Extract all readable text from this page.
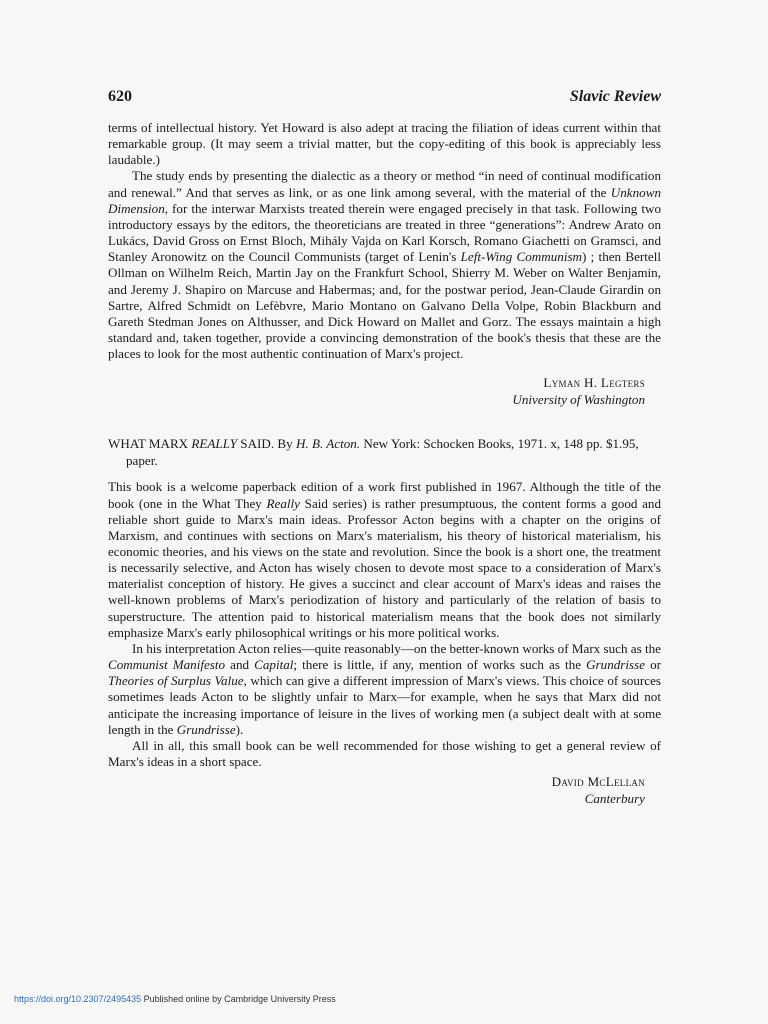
620	Slavic Review

terms of intellectual history. Yet Howard is also adept at tracing the filiation of ideas current within that remarkable group. (It may seem a trivial matter, but the copy-editing of this book is appreciably less laudable.)

The study ends by presenting the dialectic as a theory or method “in need of continual modification and renewal.” And that serves as link, or as one link among several, with the material of the Unknown Dimension, for the interwar Marxists treated therein were engaged precisely in that task. Following two introductory essays by the editors, the theoreticians are treated in three “generations”: Andrew Arato on Lukács, David Gross on Ernst Bloch, Mihály Vajda on Karl Korsch, Romano Giachetti on Gramsci, and Stanley Aronowitz on the Council Communists (target of Lenin's Left-Wing Communism) ; then Bertell Ollman on Wilhelm Reich, Martin Jay on the Frankfurt School, Shierry M. Weber on Walter Benjamin, and Jeremy J. Shapiro on Marcuse and Habermas; and, for the postwar period, Jean-Claude Girardin on Sartre, Alfred Schmidt on Lefèbvre, Mario Montano on Galvano Della Volpe, Robin Blackburn and Gareth Stedman Jones on Althusser, and Dick Howard on Mallet and Gorz. The essays maintain a high standard and, taken together, provide a convincing demonstration of the book's thesis that these are the places to look for the most authentic continuation of Marx's project.

Lyman H. Legters
University of Washington
WHAT MARX REALLY SAID. By H. B. Acton. New York: Schocken Books, 1971. x, 148 pp. $1.95, paper.

This book is a welcome paperback edition of a work first published in 1967. Although the title of the book (one in the What They Really Said series) is rather presumptuous, the content forms a good and reliable short guide to Marx's main ideas. Professor Acton begins with a chapter on the origins of Marxism, and continues with sections on Marx's materialism, his theory of historical materialism, his economic theories, and his views on the state and revolution. Since the book is a short one, the treatment is necessarily selective, and Acton has wisely chosen to devote most space to a consideration of Marx's materialist conception of history. He gives a succinct and clear account of Marx's ideas and raises the well-known problems of Marx's periodization of history and particularly of the relation of basis to superstructure. The attention paid to historical materialism means that the book does not similarly emphasize Marx's early philosophical writings or his more political works.

In his interpretation Acton relies—quite reasonably—on the better-known works of Marx such as the Communist Manifesto and Capital; there is little, if any, mention of works such as the Grundrisse or Theories of Surplus Value, which can give a different impression of Marx's views. This choice of sources sometimes leads Acton to be slightly unfair to Marx—for example, when he says that Marx did not anticipate the increasing importance of leisure in the lives of working men (a subject dealt with at some length in the Grundrisse).

All in all, this small book can be well recommended for those wishing to get a general review of Marx's ideas in a short space.

David McLellan
Canterbury
https://doi.org/10.2307/2495435 Published online by Cambridge University Press
